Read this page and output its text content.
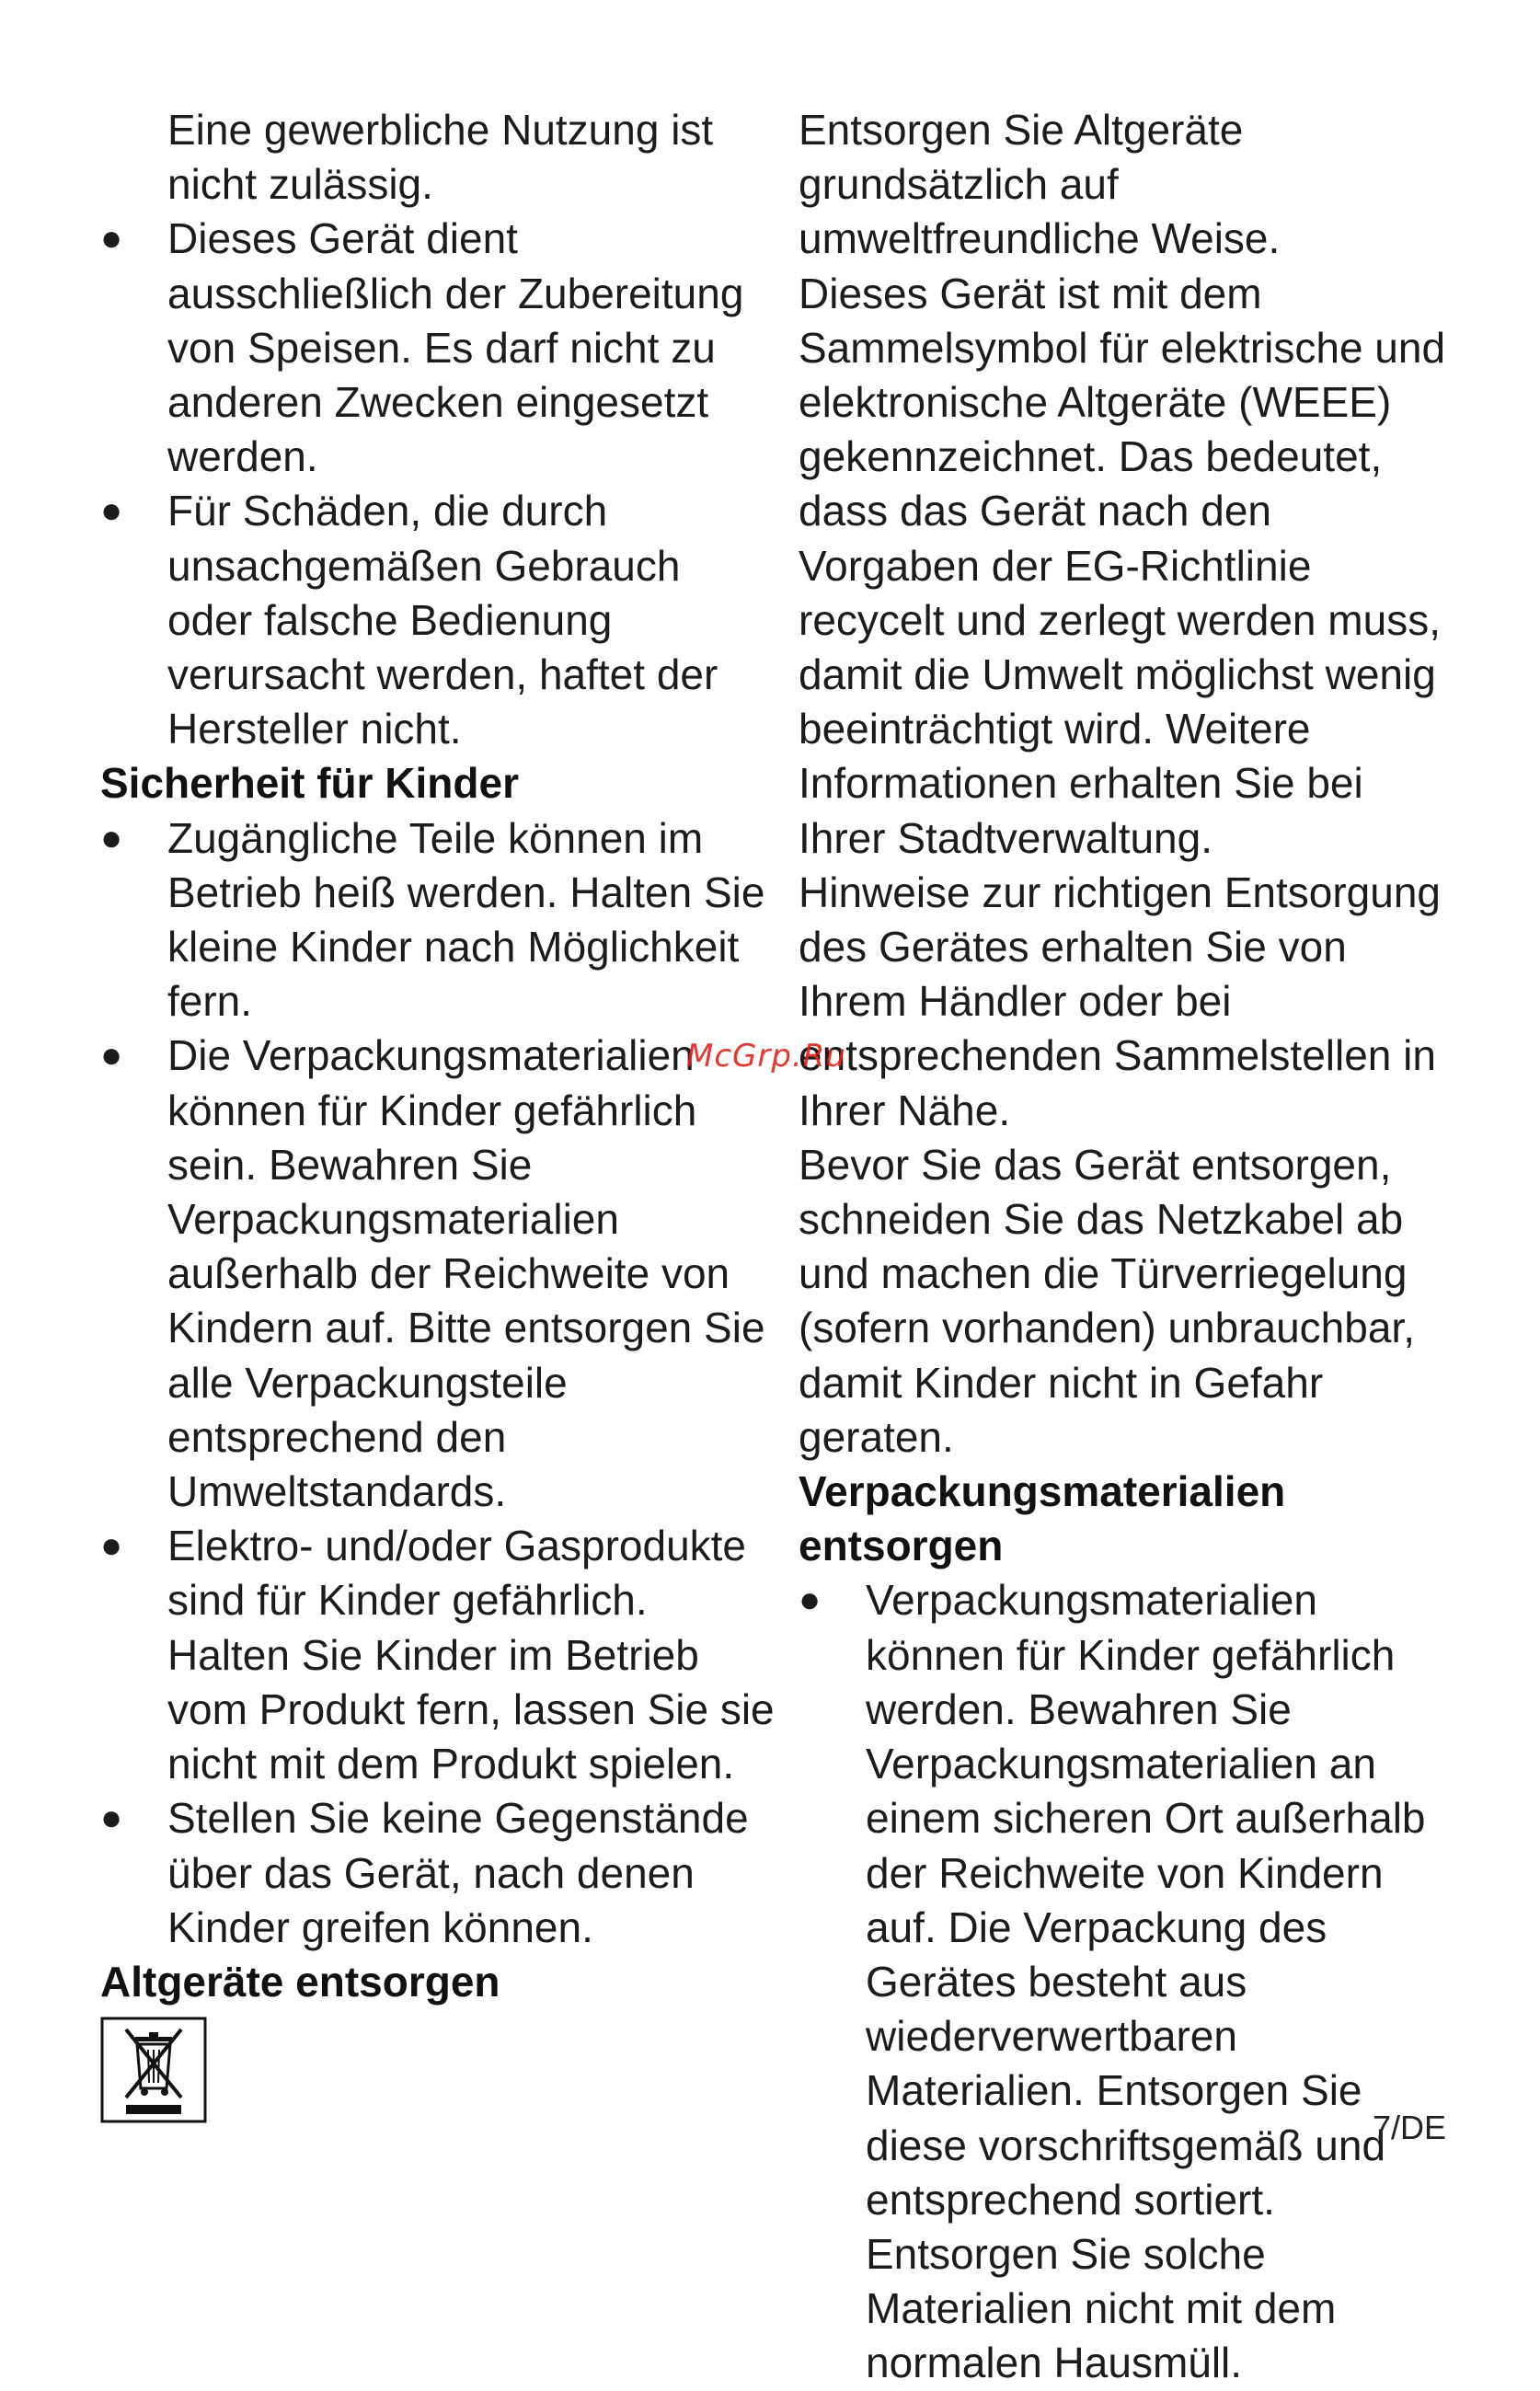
Eine gewerbliche Nutzung ist

nicht zulässig.

● Dieses Gerät dient ausschließlich der Zubereitung von Speisen. Es darf nicht zu anderen Zwecken eingesetzt werden.
● Für Schäden, die durch unsachgemäßen Gebrauch oder falsche Bedienung verursacht werden, haftet der Hersteller nicht.
Sicherheit für Kinder
● Zugängliche Teile können im Betrieb heiß werden. Halten Sie kleine Kinder nach Möglichkeit fern.
● Die Verpackungsmaterialien können für Kinder gefährlich sein. Bewahren Sie Verpackungsmaterialien außerhalb der Reichweite von Kindern auf. Bitte entsorgen Sie alle Verpackungsteile entsprechend den Umweltstandards.
● Elektro- und/oder Gasprodukte sind für Kinder gefährlich. Halten Sie Kinder im Betrieb vom Produkt fern, lassen Sie sie nicht mit dem Produkt spielen.
● Stellen Sie keine Gegenstände über das Gerät, nach denen Kinder greifen können.
Altgeräte entsorgen

Entsorgen Sie Altgeräte grundsätzlich auf umweltfreundliche Weise.

Dieses Gerät ist mit dem Sammelsymbol für elektrische und elektronische Altgeräte (WEEE) gekennzeichnet. Das bedeutet, dass das Gerät nach den Vorgaben der EG-Richtlinie recycelt und zerlegt werden muss, damit die Umwelt möglichst wenig beeinträchtigt wird. Weitere Informationen erhalten Sie bei Ihrer Stadtverwaltung.

Hinweise zur richtigen Entsorgung des Gerätes erhalten Sie von Ihrem Händler oder bei entsprechenden Sammelstellen in Ihrer Nähe.

Bevor Sie das Gerät entsorgen, schneiden Sie das Netzkabel ab und machen die Türverriegelung (sofern vorhanden) unbrauchbar, damit Kinder nicht in Gefahr geraten.

Verpackungsmaterialien entsorgen
● Verpackungsmaterialien können für Kinder gefährlich werden. Bewahren Sie Verpackungsmaterialien an einem sicheren Ort außerhalb der Reichweite von Kindern auf. Die Verpackung des Gerätes besteht aus wiederverwertbaren Materialien. Entsorgen Sie diese vorschriftsgemäß und entsprechend sortiert. Entsorgen Sie solche Materialien nicht mit dem normalen Hausmüll.
McGrp.Ru
7/DE
